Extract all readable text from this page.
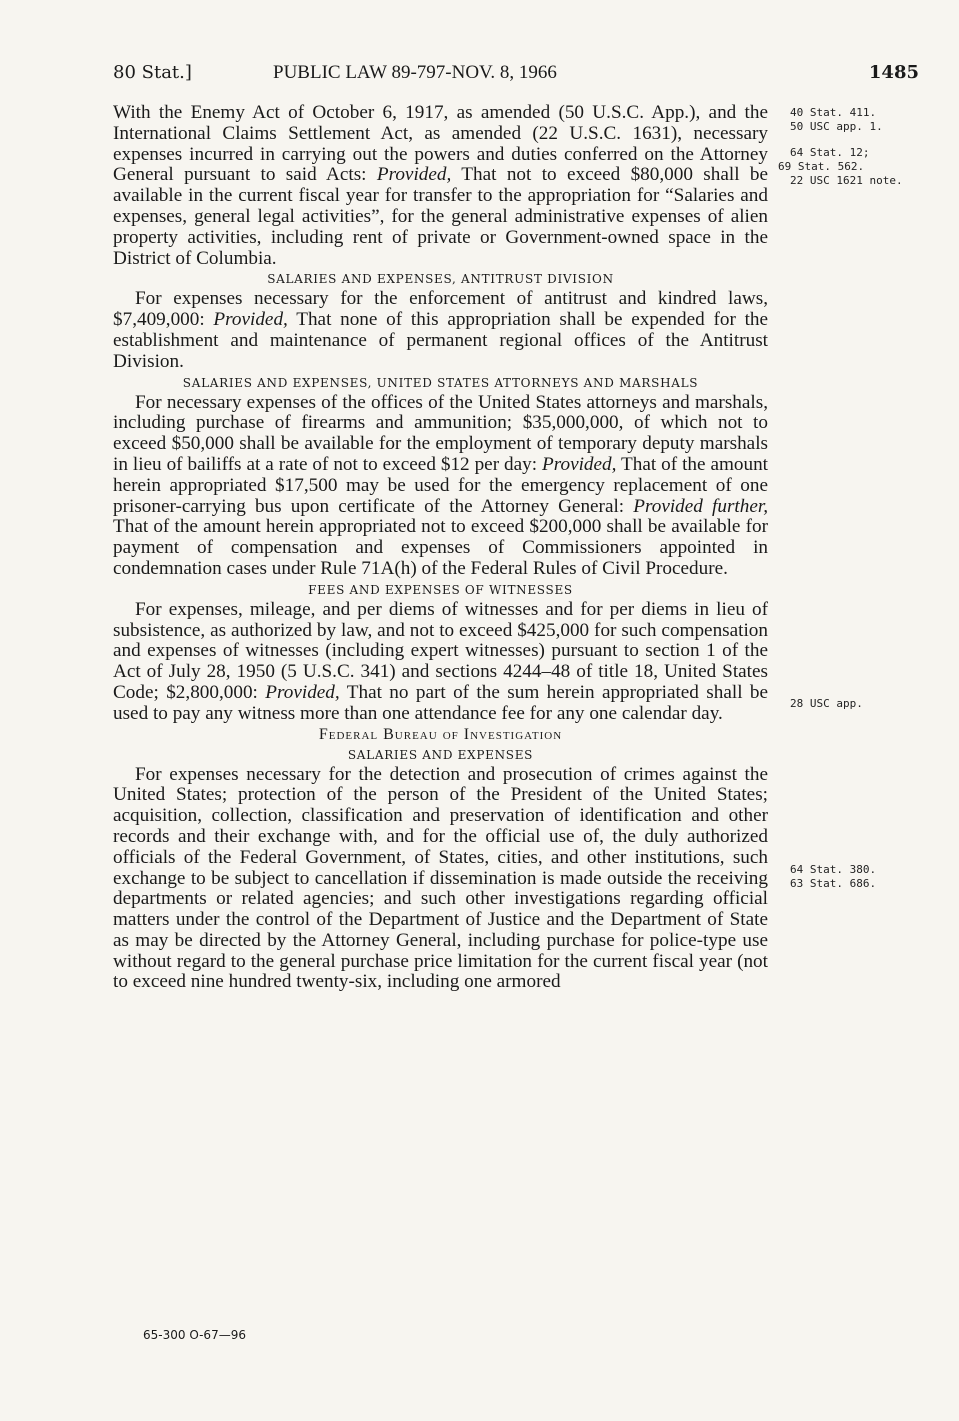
80 Stat.]	PUBLIC LAW 89-797-NOV. 8, 1966	1485

With the Enemy Act of October 6, 1917, as amended (50 U.S.C. App.), and the International Claims Settlement Act, as amended (22 U.S.C. 1631), necessary expenses incurred in carrying out the powers and duties conferred on the Attorney General pursuant to said Acts: Provided, That not to exceed $80,000 shall be available in the current fiscal year for transfer to the appropriation for “Salaries and expenses, general legal activities”, for the general administrative expenses of alien property activities, including rent of private or Government-owned space in the District of Columbia.

SALARIES AND EXPENSES, ANTITRUST DIVISION

For expenses necessary for the enforcement of antitrust and kindred laws, $7,409,000: Provided, That none of this appropriation shall be expended for the establishment and maintenance of permanent regional offices of the Antitrust Division.

SALARIES AND EXPENSES, UNITED STATES ATTORNEYS AND MARSHALS

For necessary expenses of the offices of the United States attorneys and marshals, including purchase of firearms and ammunition; $35,000,000, of which not to exceed $50,000 shall be available for the employment of temporary deputy marshals in lieu of bailiffs at a rate of not to exceed $12 per day: Provided, That of the amount herein appropriated $17,500 may be used for the emergency replacement of one prisoner-carrying bus upon certificate of the Attorney General: Provided further, That of the amount herein appropriated not to exceed $200,000 shall be available for payment of compensation and expenses of Commissioners appointed in condemnation cases under Rule 71A(h) of the Federal Rules of Civil Procedure.

FEES AND EXPENSES OF WITNESSES

For expenses, mileage, and per diems of witnesses and for per diems in lieu of subsistence, as authorized by law, and not to exceed $425,000 for such compensation and expenses of witnesses (including expert witnesses) pursuant to section 1 of the Act of July 28, 1950 (5 U.S.C. 341) and sections 4244–48 of title 18, United States Code; $2,800,000: Provided, That no part of the sum herein appropriated shall be used to pay any witness more than one attendance fee for any one calendar day.

Federal Bureau of Investigation

SALARIES AND EXPENSES

For expenses necessary for the detection and prosecution of crimes against the United States; protection of the person of the President of the United States; acquisition, collection, classification and preservation of identification and other records and their exchange with, and for the official use of, the duly authorized officials of the Federal Government, of States, cities, and other institutions, such exchange to be subject to cancellation if dissemination is made outside the receiving departments or related agencies; and such other investigations regarding official matters under the control of the Department of Justice and the Department of State as may be directed by the Attorney General, including purchase for police-type use without regard to the general purchase price limitation for the current fiscal year (not to exceed nine hundred twenty-six, including one armored

40 Stat. 411.
50 USC app. 1.
64 Stat. 12;
69 Stat. 562.
22 USC 1621 note.
28 USC app.
64 Stat. 380.
63 Stat. 686.
65-300 O-67—96
